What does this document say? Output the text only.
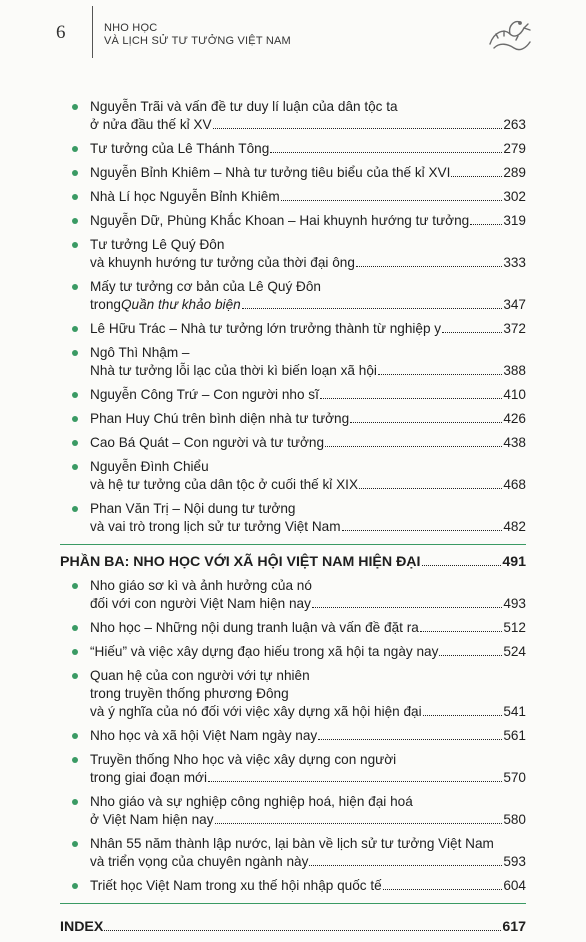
6	NHO HỌC
VÀ LỊCH SỬ TƯ TƯỞNG VIỆT NAM
Nguyễn Trãi và vấn đề tư duy lí luận của dân tộc ta
ở nửa đầu thế kỉ XV	263
Tư tưởng của Lê Thánh Tông	279
Nguyễn Bỉnh Khiêm – Nhà tư tưởng tiêu biểu của thế kỉ XVI	289
Nhà Lí học Nguyễn Bỉnh Khiêm	302
Nguyễn Dữ, Phùng Khắc Khoan – Hai khuynh hướng tư tưởng	319
Tư tưởng Lê Quý Đôn
và khuynh hướng tư tưởng của thời đại ông	333
Mấy tư tưởng cơ bản của Lê Quý Đôn
trong Quần thư khảo biện	347
Lê Hữu Trác – Nhà tư tưởng lớn trưởng thành từ nghiệp y	372
Ngô Thì Nhậm –
Nhà tư tưởng lỗi lạc của thời kì biến loạn xã hội	388
Nguyễn Công Trứ – Con người nho sĩ	410
Phan Huy Chú trên bình diện nhà tư tưởng	426
Cao Bá Quát – Con người và tư tưởng	438
Nguyễn Đình Chiểu
và hệ tư tưởng của dân tộc ở cuối thế kỉ XIX	468
Phan Văn Trị – Nội dung tư tưởng
và vai trò trong lịch sử tư tưởng Việt Nam	482
PHẦN BA: NHO HỌC VỚI XÃ HỘI VIỆT NAM HIỆN ĐẠI	491
Nho giáo sơ kì và ảnh hưởng của nó
đối với con người Việt Nam hiện nay	493
Nho học – Những nội dung tranh luận và vấn đề đặt ra	512
“Hiếu” và việc xây dựng đạo hiếu trong xã hội ta ngày nay	524
Quan hệ của con người với tự nhiên
trong truyền thống phương Đông
và ý nghĩa của nó đối với việc xây dựng xã hội hiện đại	541
Nho học và xã hội Việt Nam ngày nay	561
Truyền thống Nho học và việc xây dựng con người
trong giai đoạn mới	570
Nho giáo và sự nghiệp công nghiệp hoá, hiện đại hoá
ở Việt Nam hiện nay	580
Nhân 55 năm thành lập nước, lại bàn về lịch sử tư tưởng Việt Nam
và triển vọng của chuyên ngành này	593
Triết học Việt Nam trong xu thế hội nhập quốc tế	604
INDEX	617
